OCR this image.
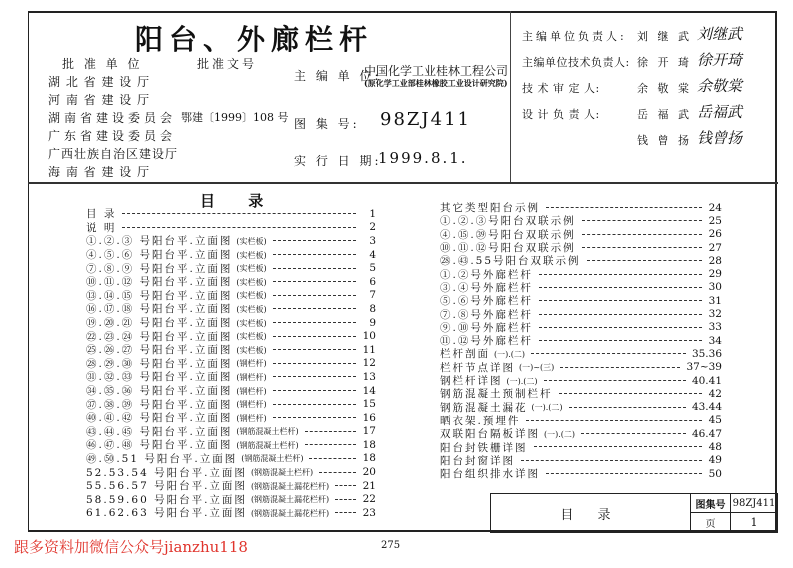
阳台、外廊栏杆
批 准 单 位	批准文号
湖 北 省 建 设 厅
河 南 省 建 设 厅
湖南省建设委员会
广东省建设委员会
广西壮族自治区建设厅
海 南 省 建 设 厅
鄂建〔1999〕108 号
主 编 单 位:
中国化学工业桂林工程公司
(原化学工业部桂林橡胶工业设计研究院)
图 集 号: 98ZJ411
实 行 日 期:
1999.8.1.
主编单位负责人: 刘 继 武 刘继武
主编单位技术负责人: 徐 开 琦 徐开琦
技 术 审 定 人:	余 敬 棠 余敬棠
设 计 负 责 人:	岳 福 武 岳福武
钱 曾 扬 钱曾扬
目 录
目 录	1
说 明	2
①.②.③ 号阳台平.立面图 (实栏板)	3
④.⑤.⑥ 号阳台平.立面图 (实栏板)	4
⑦.⑧.⑨ 号阳台平.立面图 (实栏板)	5
⑩.⑪.⑫ 号阳台平.立面图 (实栏板)	6
⑬.⑭.⑮ 号阳台平.立面图 (实栏板)	7
⑯.⑰.⑱ 号阳台平.立面图 (实栏板)	8
⑲.⑳.㉑ 号阳台平.立面图 (实栏板)	9
㉒.㉓.㉔ 号阳台平.立面图 (实栏板)	10
㉕.㉖.㉗ 号阳台平.立面图 (实栏板)	11
㉘.㉙.㉚ 号阳台平.立面图 (钢栏杆)	12
㉛.㉜.㉝ 号阳台平.立面图 (钢栏杆)	13
㉞.㉟.㊱ 号阳台平.立面图 (钢栏杆)	14
㊲.㊳.㊴ 号阳台平.立面图 (钢栏杆)	15
㊵.㊶.㊷ 号阳台平.立面图 (钢栏杆)	16
㊸.㊹.㊺ 号阳台平.立面图 (钢筋混凝土栏杆)	17
㊻.㊼.㊽ 号阳台平.立面图 (钢筋混凝土栏杆)	18
㊾.㊿.51 号阳台平.立面图 (钢筋混凝土栏杆)	18
52.53.54 号阳台平.立面图 (钢筋混凝土栏杆)	20
55.56.57 号阳台平.立面图 (钢筋混凝土漏花栏杆)	21
58.59.60 号阳台平.立面图 (钢筋混凝土漏花栏杆)	22
61.62.63 号阳台平.立面图 (钢筋混凝土漏花栏杆)	23
其它类型阳台示例	24
①.②.③号阳台双联示例	25
④.⑮.㊴号阳台双联示例	26
⑩.⑪.⑫号阳台双联示例	27
㉘.㊸.55号阳台双联示例	28
①.②号外廊栏杆	29
③.④号外廊栏杆	30
⑤.⑥号外廊栏杆	31
⑦.⑧号外廊栏杆	32
⑨.⑩号外廊栏杆	33
⑪.⑫号外廊栏杆	34
栏杆剖面 (一).(二)	35.36
栏杆节点详图 (一)~(三)	37~39
钢栏杆详图 (一).(二)	40.41
钢筋混凝土预制栏杆	42
钢筋混凝土漏花 (一).(二)	43.44
晒衣架.预埋件	45
双联阳台隔板详图 (一).(二)	46.47
阳台封铁栅详图	48
阳台封窗详图	49
阳台组织排水详图	50
目 录
图集号 98ZJ411
页	1
跟多资料加微信公众号jianzhu118	275
